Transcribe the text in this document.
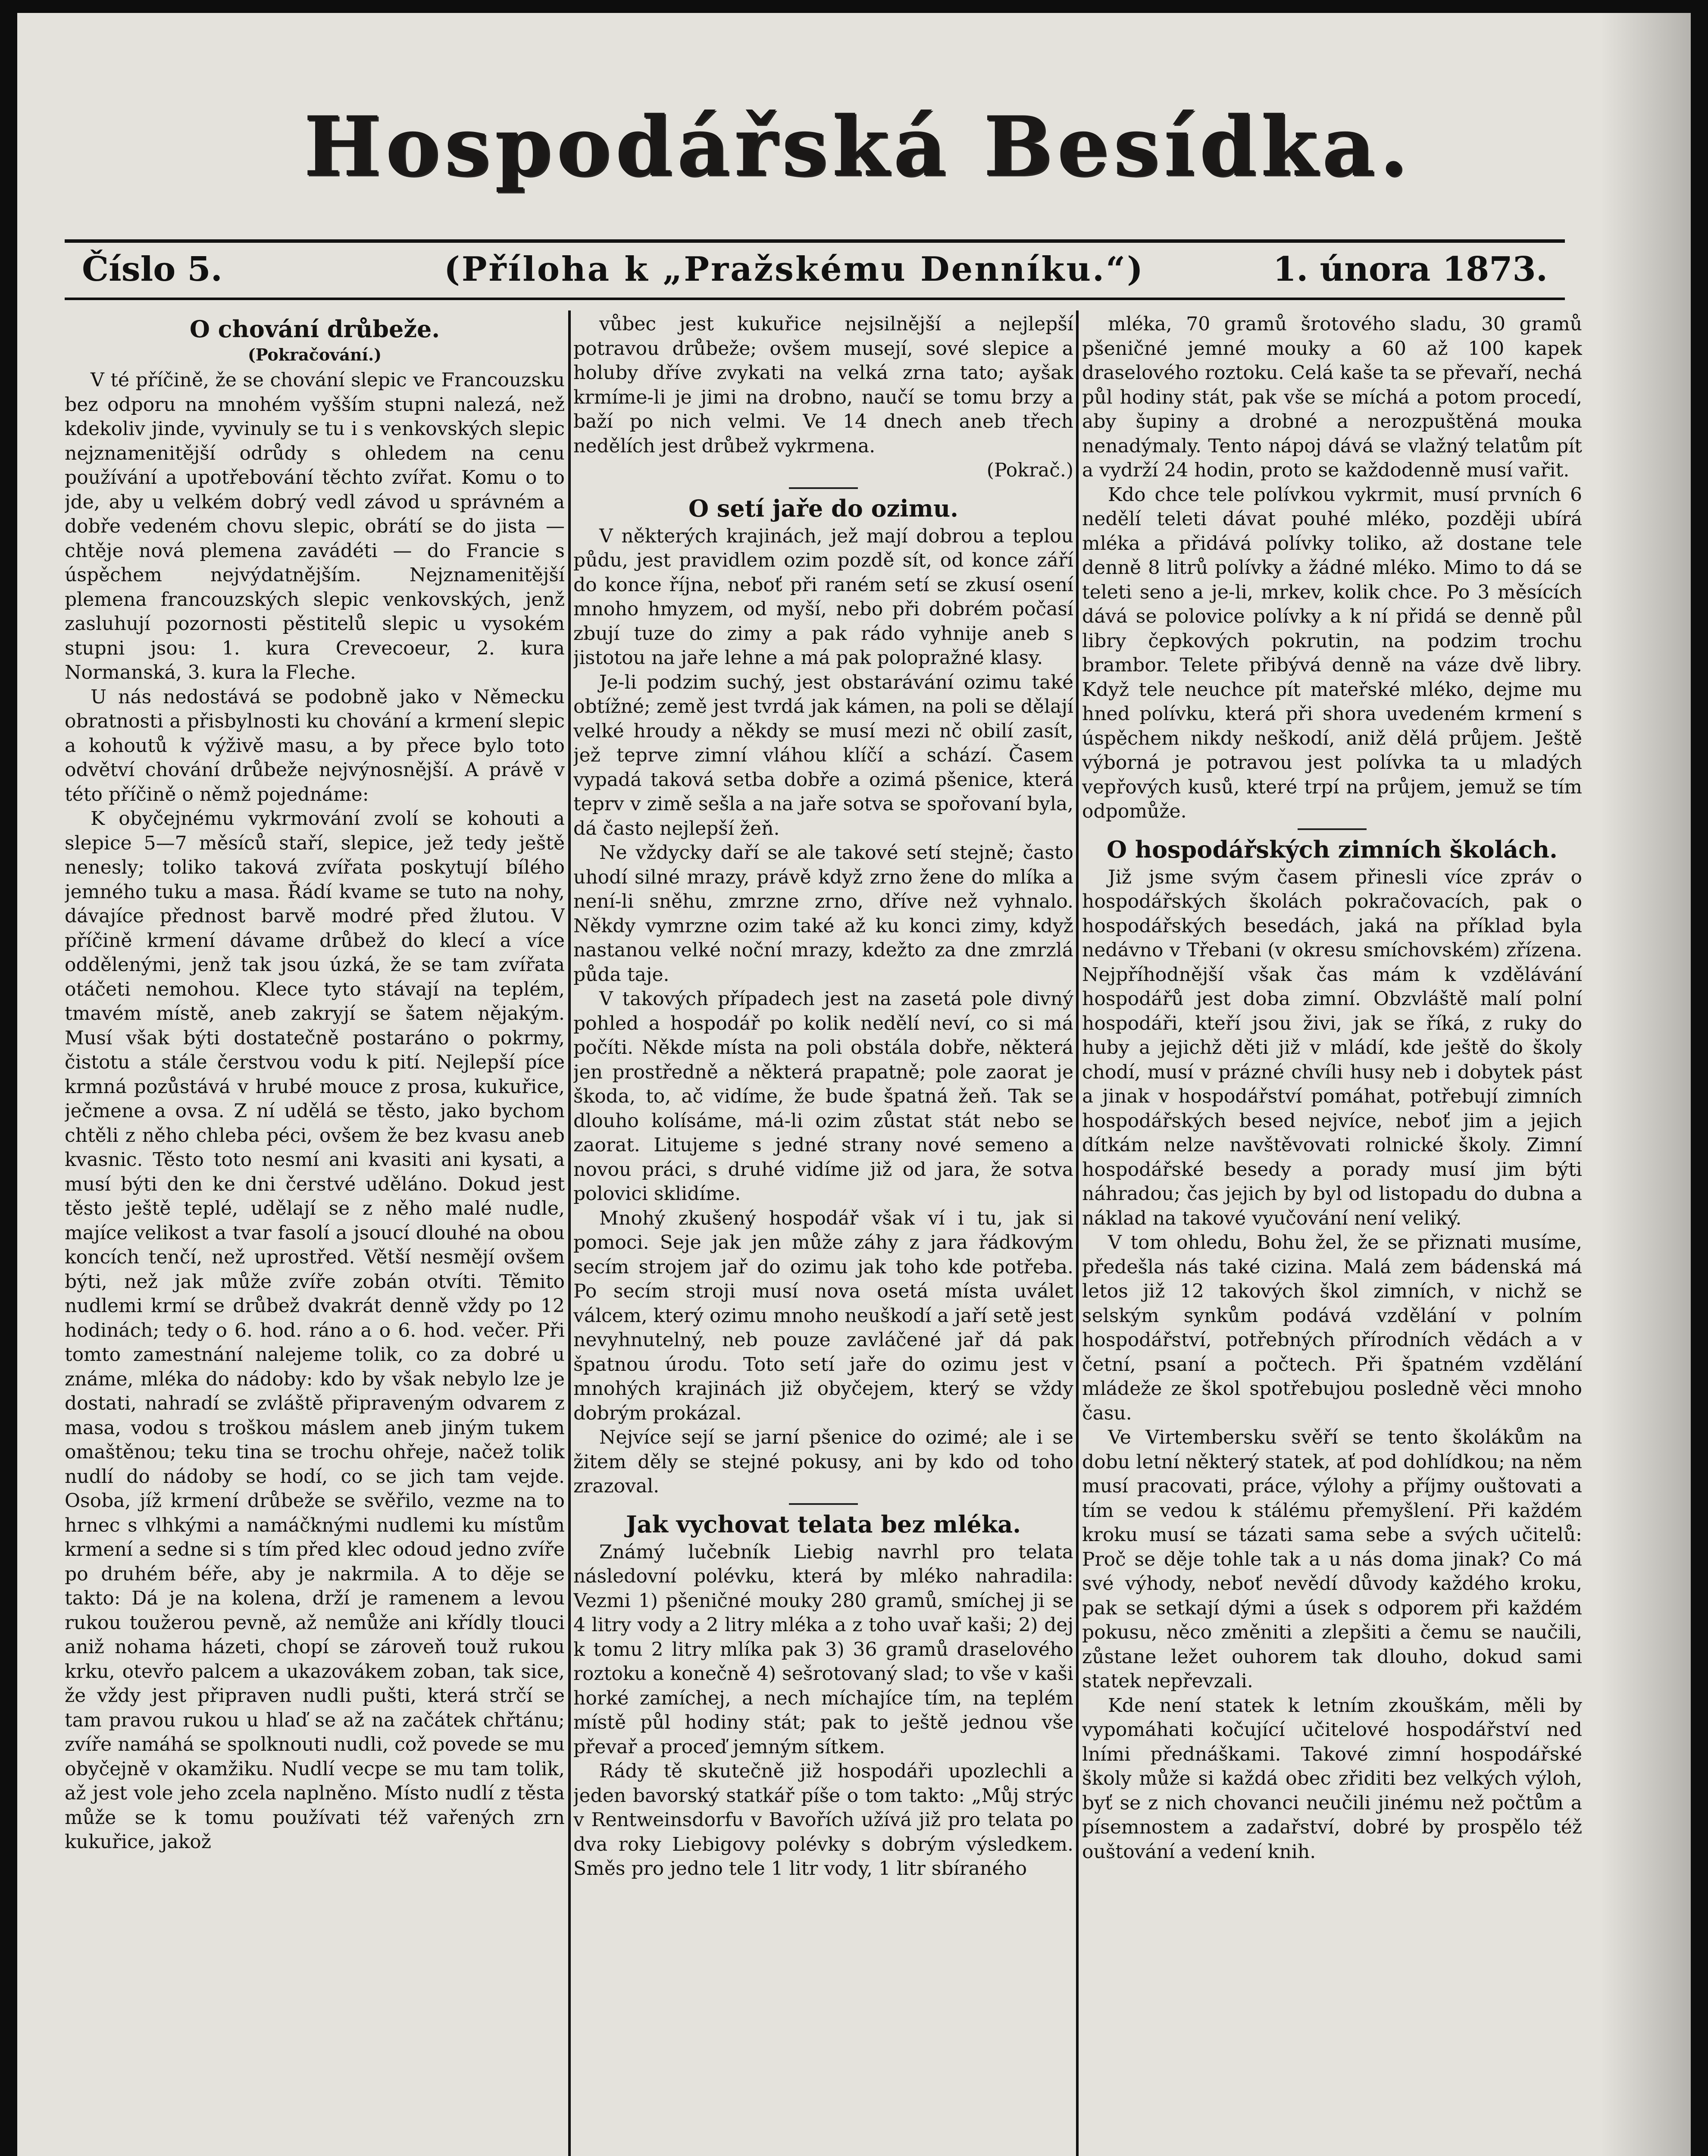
Hospodářská Besídka.
Číslo 5.	(Příloha k „Pražskému Denníku.“)	1. února 1873.
O chování drůbeže.
(Pokračování.)

V té příčině, že se chování slepic ve Francouzsku bez odporu na mnohém vyšším stupni nalezá, než kdekoliv jinde, vyvinuly se tu i s venkovských slepic nejznamenitější odrůdy s ohledem na cenu používání a upotřebování těchto zvířat. Komu o to jde, aby u velkém dobrý vedl závod u správném a dobře vedeném chovu slepic, obrátí se do jista — chtěje nová plemena zavádéti — do Francie s úspěchem nejvýdatnějším. Nejznamenitější plemena francouzských slepic venkovských, jenž zasluhují pozornosti pěstitelů slepic u vysokém stupni jsou: 1. kura Crevecoeur, 2. kura Normanská, 3. kura la Fleche.

U nás nedostává se podobně jako v Německu obratnosti a přisbylnosti ku chování a krmení slepic a kohoutů k výživě masu, a by přece bylo toto odvětví chování drůbeže nejvýnosnější. A právě v této příčině o němž pojednáme:

K obyčejnému vykrmování zvolí se kohouti a slepice 5—7 měsíců staří, slepice, jež tedy ještě nenesly; toliko taková zvířata poskytují bílého jemného tuku a masa. Řádí kvame se tuto na nohy, dávajíce přednost barvě modré před žlutou. V příčině krmení dávame drůbež do klecí a více oddělenými, jenž tak jsou úzká, že se tam zvířata otáčeti nemohou. Klece tyto stávají na teplém, tmavém místě, aneb zakryjí se šatem nějakým. Musí však býti dostatečně postaráno o pokrmy, čistotu a stále čerstvou vodu k pití. Nejlepší píce krmná pozůstává v hrubé mouce z prosa, kukuřice, ječmene a ovsa. Z ní udělá se těsto, jako bychom chtěli z něho chleba péci, ovšem že bez kvasu aneb kvasnic. Těsto toto nesmí ani kvasiti ani kysati, a musí býti den ke dni čerstvé uděláno. Dokud jest těsto ještě teplé, udělají se z něho malé nudle, majíce velikost a tvar fasolí a jsoucí dlouhé na obou koncích tenčí, než uprostřed. Větší nesmějí ovšem býti, než jak může zvíře zobán otvíti. Těmito nudlemi krmí se drůbež dvakrát denně vždy po 12 hodinách; tedy o 6. hod. ráno a o 6. hod. večer. Při tomto zamestnání nalejeme tolik, co za dobré u známe, mléka do nádoby: kdo by však nebylo lze je dostati, nahradí se zvláště připraveným odvarem z masa, vodou s troškou máslem aneb jiným tukem omaštěnou; teku tina se trochu ohřeje, načež tolik nudlí do nádoby se hodí, co se jich tam vejde. Osoba, jíž krmení drůbeže se svěřilo, vezme na to hrnec s vlhkými a namáčknými nudlemi ku místům krmení a sedne si s tím před klec odoud jedno zvíře po druhém béře, aby je nakrmila. A to děje se takto: Dá je na kolena, drží je ramenem a levou rukou toužerou pevně, až nemůže ani křídly tlouci aniž nohama házeti, chopí se zároveň touž rukou krku, otevřo palcem a ukazovákem zoban, tak sice, že vždy jest připraven nudli pušti, která strčí se tam pravou rukou u hlaď se až na začátek chřtánu; zvíře namáhá se spolknouti nudli, což povede se mu obyčejně v okamžiku. Nudlí vecpe se mu tam tolik, až jest vole jeho zcela naplněno. Místo nudlí z těsta může se k tomu používati též vařených zrn kukuřice, jakož

vůbec jest kukuřice nejsilnější a nejlepší potravou drůbeže; ovšem musejí, sové slepice a holuby dříve zvykati na velká zrna tato; ayšak krmíme-li je jimi na drobno, naučí se tomu brzy a baží po nich velmi. Ve 14 dnech aneb třech nedělích jest drůbež vykrmena.
(Pokrač.)
O setí jaře do ozimu.

V některých krajinách, jež mají dobrou a teplou půdu, jest pravidlem ozim pozdě sít, od konce září do konce října, neboť při raném setí se zkusí osení mnoho hmyzem, od myší, nebo při dobrém počasí zbují tuze do zimy a pak rádo vyhnije aneb s jistotou na jaře lehne a má pak polopražné klasy.

Je-li podzim suchý, jest obstarávání ozimu také obtížné; země jest tvrdá jak kámen, na poli se dělají velké hroudy a někdy se musí mezi nč obilí zasít, jež teprve zimní vláhou klíčí a schází. Časem vypadá taková setba dobře a ozimá pšenice, která teprv v zimě sešla a na jaře sotva se spořovaní byla, dá často nejlepší žeň.

Ne vždycky daří se ale takové setí stejně; často uhodí silné mrazy, právě když zrno žene do mlíka a není-li sněhu, zmrzne zrno, dříve než vyhnalo. Někdy vymrzne ozim také až ku konci zimy, když nastanou velké noční mrazy, kdežto za dne zmrzlá půda taje.

V takových případech jest na zasetá pole divný pohled a hospodář po kolik nedělí neví, co si má počíti. Někde místa na poli obstála dobře, některá jen prostředně a některá prapatně; pole zaorat je škoda, to, ač vidíme, že bude špatná žeň. Tak se dlouho kolísáme, má-li ozim zůstat stát nebo se zaorat. Litujeme s jedné strany nové semeno a novou práci, s druhé vidíme již od jara, že sotva polovici sklidíme.

Mnohý zkušený hospodář však ví i tu, jak si pomoci. Seje jak jen může záhy z jara řádkovým secím strojem jař do ozimu jak toho kde potřeba. Po secím stroji musí nova osetá místa uválet válcem, který ozimu mnoho neuškodí a jaří setě jest nevyhnutelný, neb pouze zavláčené jař dá pak špatnou úrodu. Toto setí jaře do ozimu jest v mnohých krajinách již obyčejem, který se vždy dobrým prokázal.

Nejvíce sejí se jarní pšenice do ozimé; ale i se žitem děly se stejné pokusy, ani by kdo od toho zrazoval.

Jak vychovat telata bez mléka.

Známý lučebník Liebig navrhl pro telata následovní polévku, která by mléko nahradila: Vezmi 1) pšeničné mouky 280 gramů, smíchej ji se 4 litry vody a 2 litry mléka a z toho uvař kaši; 2) dej k tomu 2 litry mlíka pak 3) 36 gramů draselového roztoku a konečně 4) sešrotovaný slad; to vše v kaši horké zamíchej, a nech míchajíce tím, na teplém místě půl hodiny stát; pak to ještě jednou vše převař a proceď jemným sítkem.

Rády tě skutečně již hospodáři upozlechli a jeden bavorský statkář píše o tom takto: „Můj strýc v Rentweinsdorfu v Bavořích užívá již pro telata po dva roky Liebigovy polévky s dobrým výsledkem. Směs pro jedno tele 1 litr vody, 1 litr sbíraného

mléka, 70 gramů šrotového sladu, 30 gramů pšeničné jemné mouky a 60 až 100 kapek draselového roztoku. Celá kaše ta se převaří, nechá půl hodiny stát, pak vše se míchá a potom procedí, aby šupiny a drobné a nerozpuštěná mouka nenadýmaly. Tento nápoj dává se vlažný telatům pít a vydrží 24 hodin, proto se každodenně musí vařit.

Kdo chce tele polívkou vykrmit, musí prvních 6 nedělí teleti dávat pouhé mléko, později ubírá mléka a přidává polívky toliko, až dostane tele denně 8 litrů polívky a žádné mléko. Mimo to dá se teleti seno a je-li, mrkev, kolik chce. Po 3 měsících dává se polovice polívky a k ní přidá se denně půl libry čepkových pokrutin, na podzim trochu brambor. Telete přibývá denně na váze dvě libry. Když tele neuchce pít mateřské mléko, dejme mu hned polívku, která při shora uvedeném krmení s úspěchem nikdy neškodí, aniž dělá průjem. Ještě výborná je potravou jest polívka ta u mladých vepřových kusů, které trpí na průjem, jemuž se tím odpomůže.

O hospodářských zimních školách.

Již jsme svým časem přinesli více zpráv o hospodářských školách pokračovacích, pak o hospodářských besedách, jaká na příklad byla nedávno v Třebani (v okresu smíchovském) zřízena. Nejpříhodnější však čas mám k vzdělávání hospodářů jest doba zimní. Obzvláště malí polní hospodáři, kteří jsou živi, jak se říká, z ruky do huby a jejichž děti již v mládí, kde ještě do školy chodí, musí v prázné chvíli husy neb i dobytek pást a jinak v hospodářství pomáhat, potřebují zimních hospodářských besed nejvíce, neboť jim a jejich dítkám nelze navštěvovati rolnické školy. Zimní hospodářské besedy a porady musí jim býti náhradou; čas jejich by byl od listopadu do dubna a náklad na takové vyučování není veliký.

V tom ohledu, Bohu žel, že se přiznati musíme, předešla nás také cizina. Malá zem bádenská má letos již 12 takových škol zimních, v nichž se selským synkům podává vzdělání v polním hospodářství, potřebných přírodních vědách a v četní, psaní a počtech. Při špatném vzdělání mládeže ze škol spotřebujou posledně věci mnoho času.

Ve Virtembersku svěří se tento školákům na dobu letní některý statek, ať pod dohlídkou; na něm musí pracovati, práce, výlohy a příjmy ouštovati a tím se vedou k stálému přemyšlení. Při každém kroku musí se tázati sama sebe a svých učitelů: Proč se děje tohle tak a u nás doma jinak? Co má své výhody, neboť nevědí důvody každého kroku, pak se setkají dými a úsek s odporem při každém pokusu, něco změniti a zlepšiti a čemu se naučili, zůstane ležet ouhorem tak dlouho, dokud sami statek nepřevzali.

Kde není statek k letním zkouškám, měli by vypomáhati kočující učitelové hospodářství ned lními přednáškami. Takové zimní hospodářské školy může si každá obec zřiditi bez velkých výloh, byť se z nich chovanci neučili jinému než počtům a písemnostem a zadařství, dobré by prospělo též ouštování a vedení knih.
